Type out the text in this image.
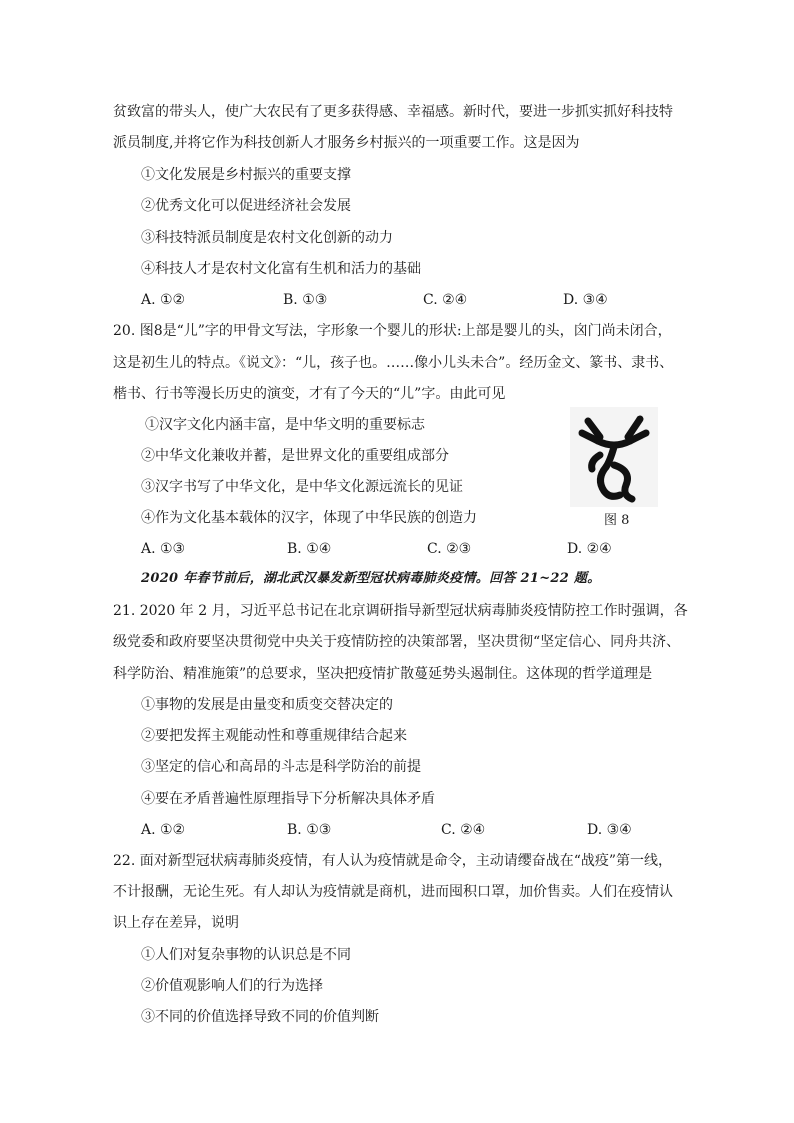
贫致富的带头人，使广大农民有了更多获得感、幸福感。新时代，要进一步抓实抓好科技特
派员制度,并将它作为科技创新人才服务乡村振兴的一项重要工作。这是因为
①文化发展是乡村振兴的重要支撑
②优秀文化可以促进经济社会发展
③科技特派员制度是农村文化创新的动力
④科技人才是农村文化富有生机和活力的基础
A. ①②	B. ①③	C. ②④	D. ③④
20. 图8是“儿”字的甲骨文写法，字形象一个婴儿的形状:上部是婴儿的头，囟门尚未闭合，
这是初生儿的特点。《说文》：“儿，孩子也。……像小儿头未合”。经历金文、篆书、隶书、
楷书、行书等漫长历史的演变，才有了今天的“儿”字。由此可见
①汉字文化内涵丰富，是中华文明的重要标志
②中华文化兼收并蓄，是世界文化的重要组成部分
③汉字书写了中华文化，是中华文化源远流长的见证
④作为文化基本载体的汉字，体现了中华民族的创造力	图 8
A. ①③	B. ①④	C. ②③	D. ②④
2020 年春节前后，湖北武汉暴发新型冠状病毒肺炎疫情。回答 21~22 题。
21. 2020 年 2 月，习近平总书记在北京调研指导新型冠状病毒肺炎疫情防控工作时强调，各
级党委和政府要坚决贯彻党中央关于疫情防控的决策部署，坚决贯彻“坚定信心、同舟共济、
科学防治、精准施策”的总要求，坚决把疫情扩散蔓延势头遏制住。这体现的哲学道理是
①事物的发展是由量变和质变交替决定的
②要把发挥主观能动性和尊重规律结合起来
③坚定的信心和高昂的斗志是科学防治的前提
④要在矛盾普遍性原理指导下分析解决具体矛盾
A. ①②	B. ①③	C. ②④	D. ③④
22. 面对新型冠状病毒肺炎疫情，有人认为疫情就是命令，主动请缨奋战在“战疫”第一线，
不计报酬，无论生死。有人却认为疫情就是商机，进而囤积口罩，加价售卖。人们在疫情认
识上存在差异，说明
①人们对复杂事物的认识总是不同
②价值观影响人们的行为选择
③不同的价值选择导致不同的价值判断
